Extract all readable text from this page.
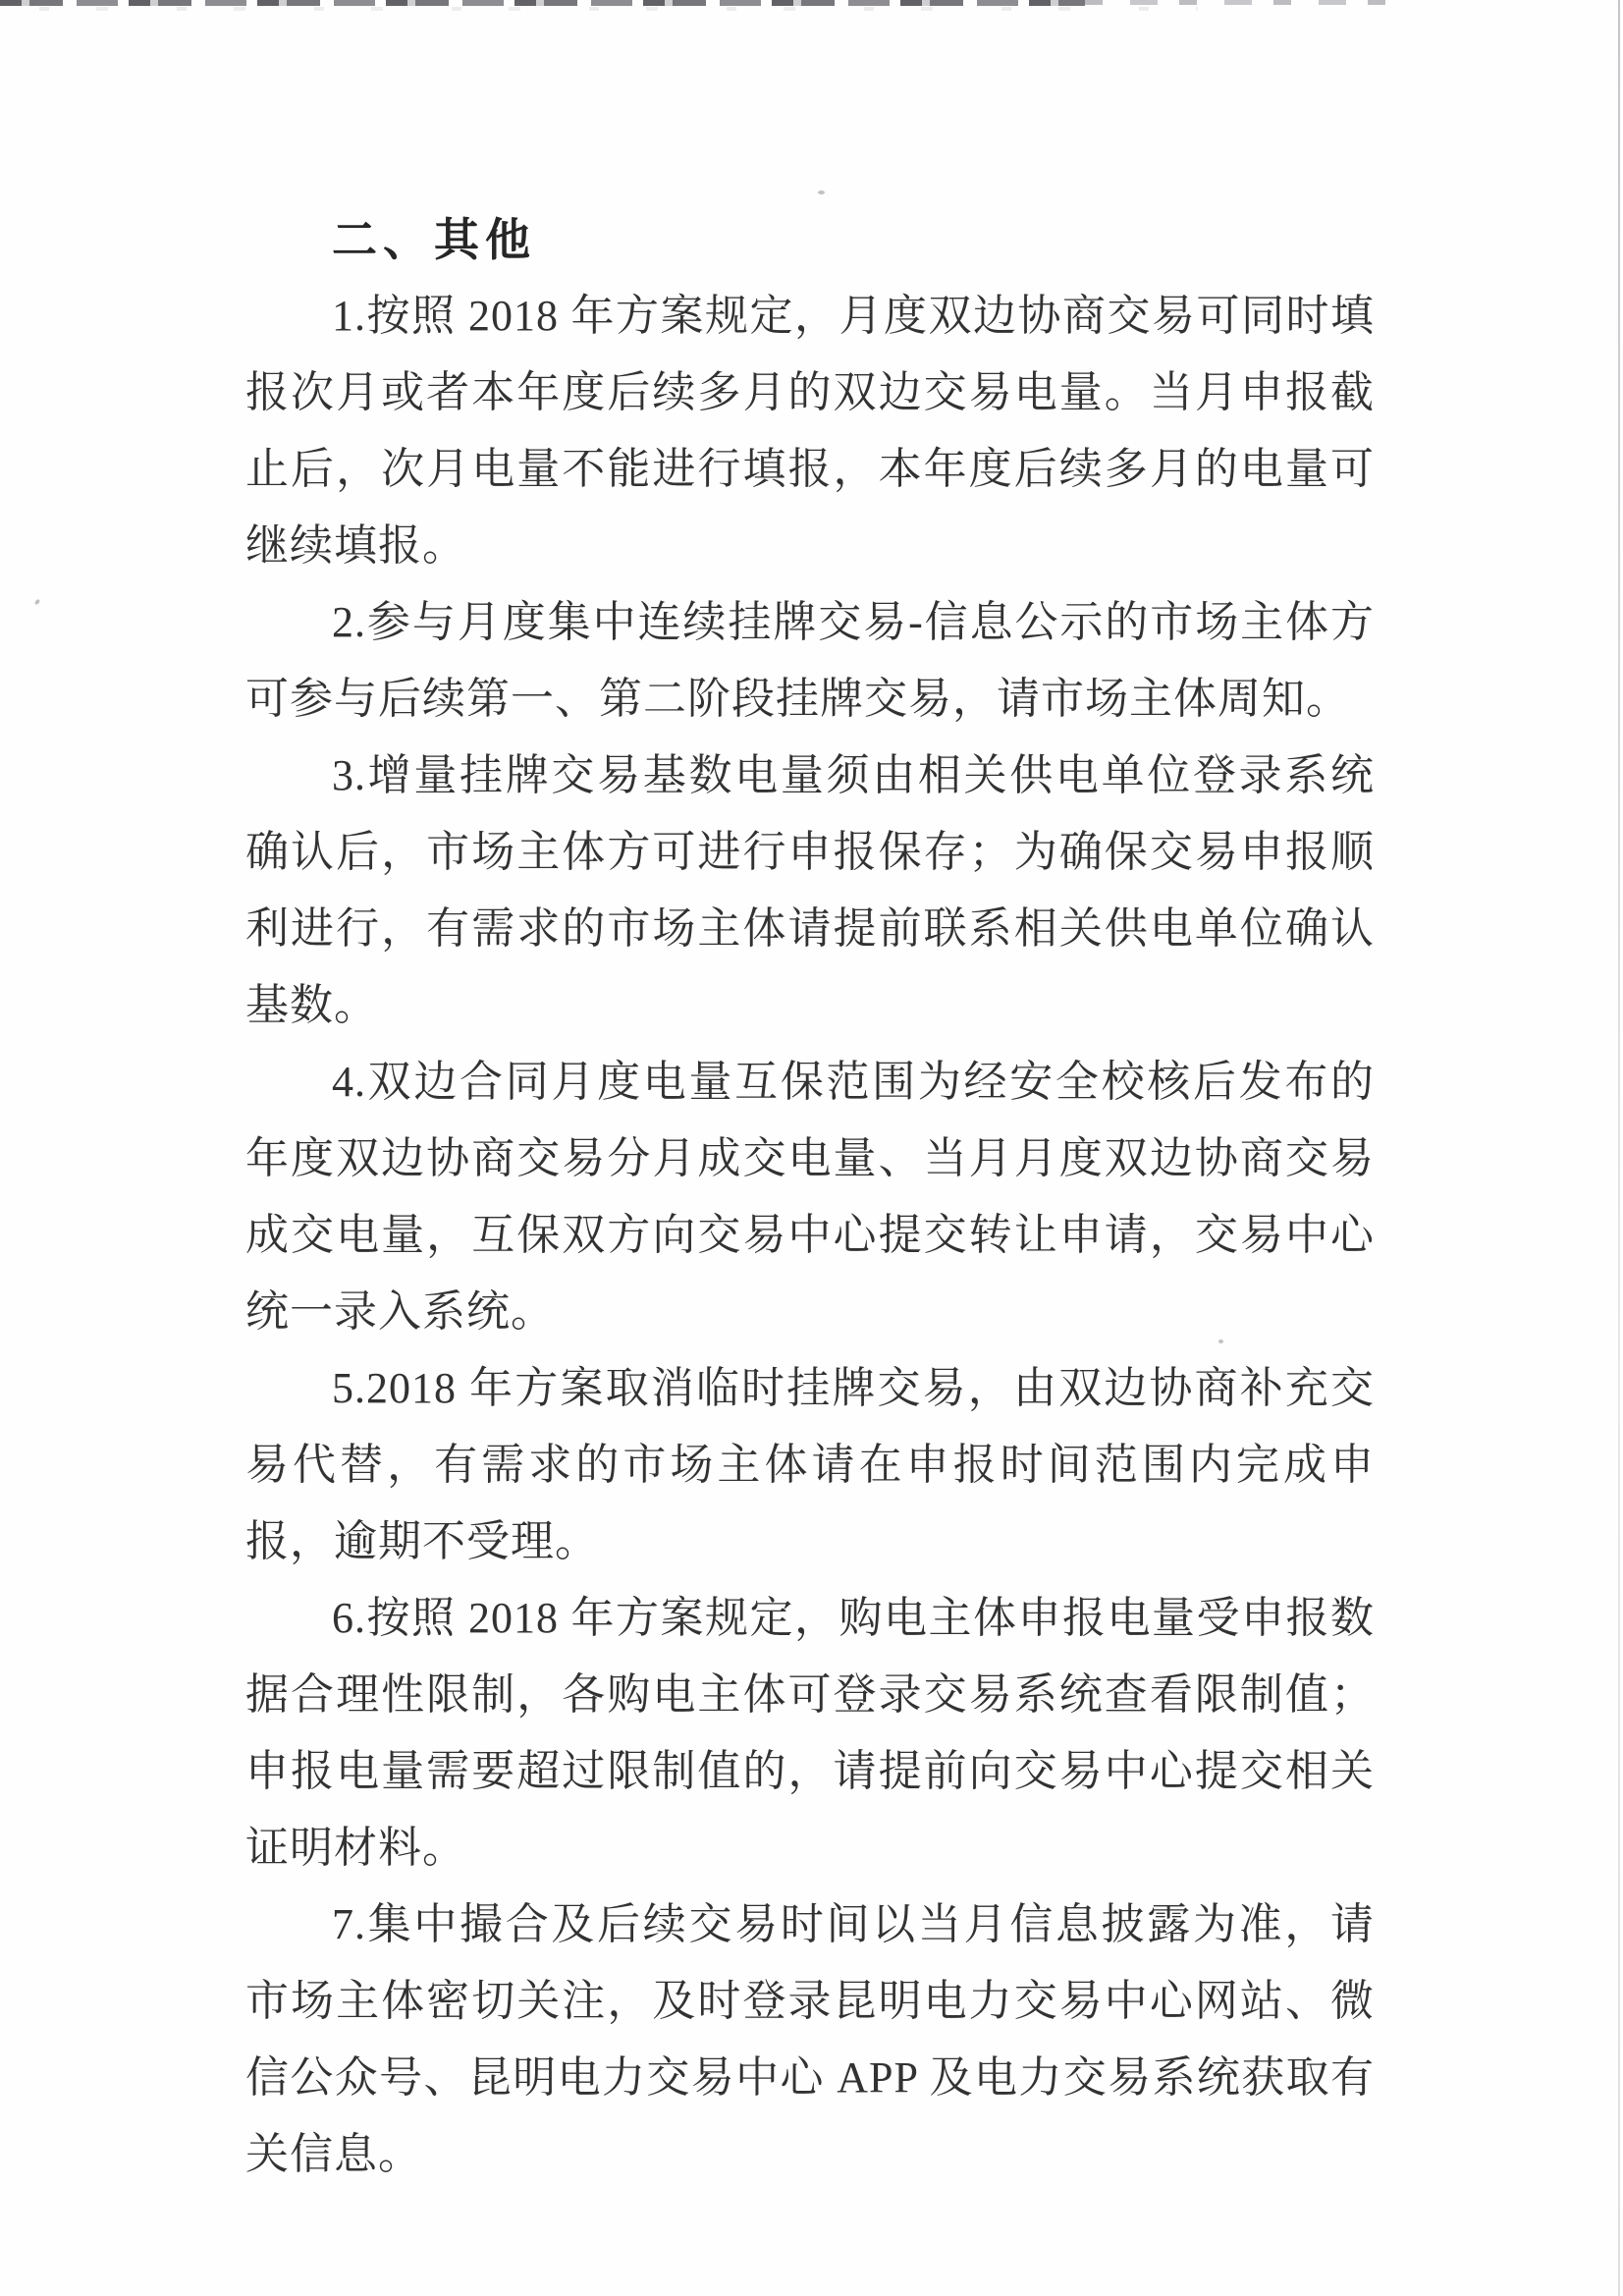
二、其他

1.按照 2018 年方案规定，月度双边协商交易可同时填报次月或者本年度后续多月的双边交易电量。当月申报截止后，次月电量不能进行填报，本年度后续多月的电量可继续填报。

2.参与月度集中连续挂牌交易-信息公示的市场主体方可参与后续第一、第二阶段挂牌交易，请市场主体周知。

3.增量挂牌交易基数电量须由相关供电单位登录系统确认后，市场主体方可进行申报保存；为确保交易申报顺利进行，有需求的市场主体请提前联系相关供电单位确认基数。

4.双边合同月度电量互保范围为经安全校核后发布的年度双边协商交易分月成交电量、当月月度双边协商交易成交电量，互保双方向交易中心提交转让申请，交易中心统一录入系统。

5.2018 年方案取消临时挂牌交易，由双边协商补充交易代替，有需求的市场主体请在申报时间范围内完成申报，逾期不受理。

6.按照 2018 年方案规定，购电主体申报电量受申报数据合理性限制，各购电主体可登录交易系统查看限制值；申报电量需要超过限制值的，请提前向交易中心提交相关证明材料。

7.集中撮合及后续交易时间以当月信息披露为准，请市场主体密切关注，及时登录昆明电力交易中心网站、微信公众号、昆明电力交易中心 APP 及电力交易系统获取有关信息。
